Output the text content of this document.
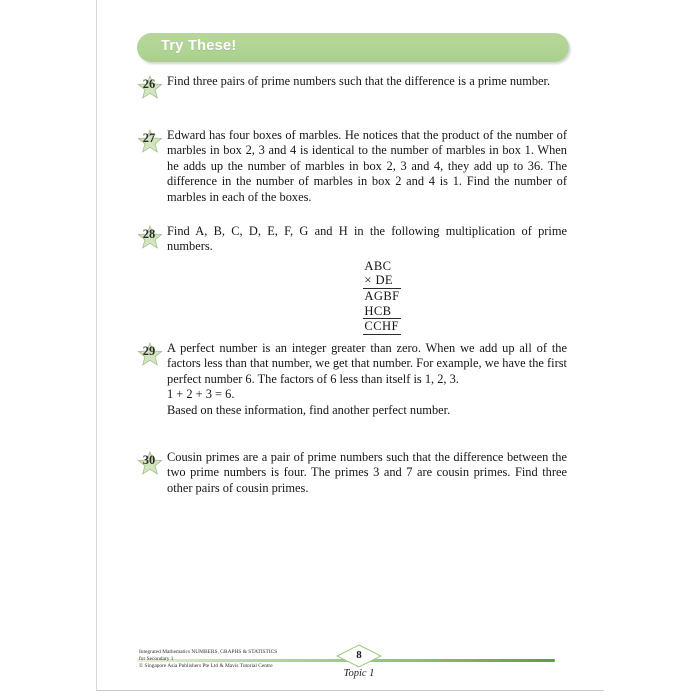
Try These!
26 Find three pairs of prime numbers such that the difference is a prime number.

27 Edward has four boxes of marbles. He notices that the product of the number of marbles in box 2, 3 and 4 is identical to the number of marbles in box 1. When he adds up the number of marbles in box 2, 3 and 4, they add up to 36. The difference in the number of marbles in box 2 and 4 is 1. Find the number of marbles in each of the boxes.

28 Find A, B, C, D, E, F, G and H in the following multiplication of prime numbers.

ABC
× DE
AGBF
HCB
CCHF
29 A perfect number is an integer greater than zero. When we add up all of the factors less than that number, we get that number. For example, we have the first perfect number 6. The factors of 6 less than itself is 1, 2, 3.

1 + 2 + 3 = 6.

Based on these information, find another perfect number.

30 Cousin primes are a pair of prime numbers such that the difference between the two prime numbers is four. The primes 3 and 7 are cousin primes. Find three other pairs of cousin primes.

Integrated Mathematics NUMBERS, GRAPHS & STATISTICS
for Secondary 1
© Singapore Asia Publishers Pte Ltd & Mavis Tutorial Centre
8
Topic 1
